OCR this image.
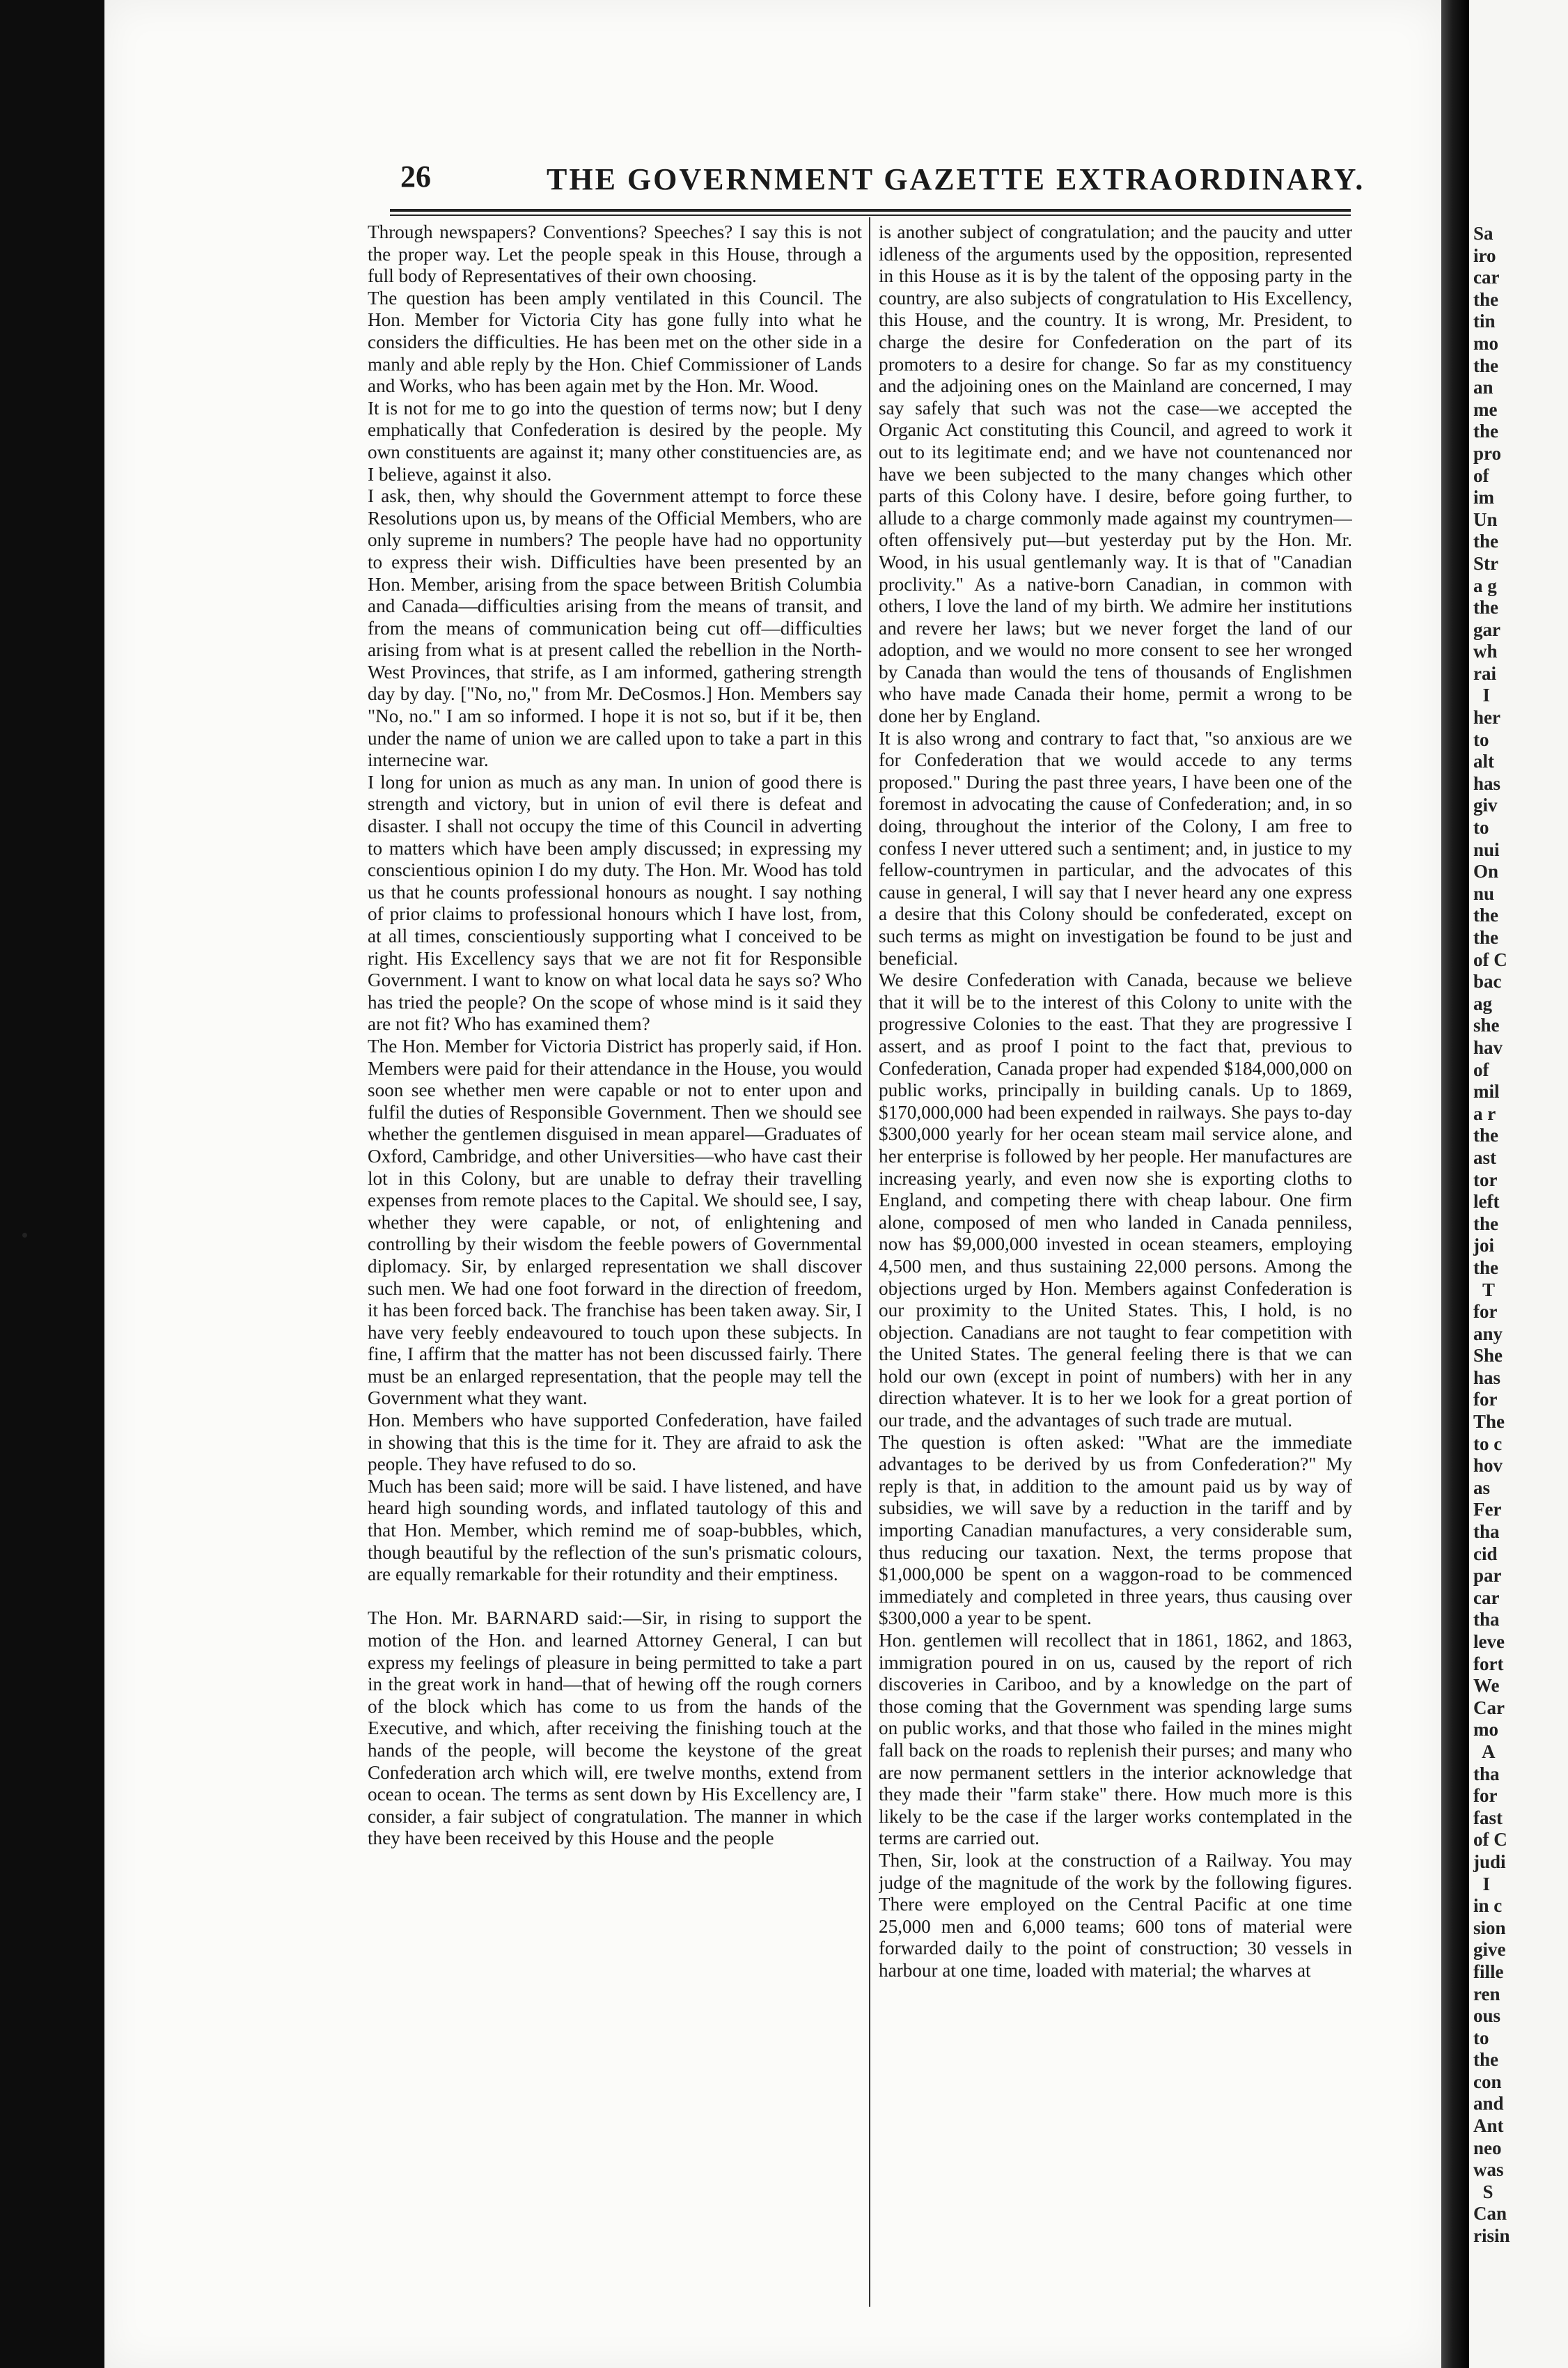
26	THE GOVERNMENT GAZETTE EXTRAORDINARY.
Through newspapers? Conventions? Speeches? I say this is not the proper way. Let the people speak in this House, through a full body of Representatives of their own choosing.
The question has been amply ventilated in this Council. The Hon. Member for Victoria City has gone fully into what he considers the difficulties. He has been met on the other side in a manly and able reply by the Hon. Chief Commissioner of Lands and Works, who has been again met by the Hon. Mr. Wood.
It is not for me to go into the question of terms now; but I deny emphatically that Confederation is desired by the people. My own constituents are against it; many other constituencies are, as I believe, against it also.
I ask, then, why should the Government attempt to force these Resolutions upon us, by means of the Official Members, who are only supreme in numbers? The people have had no opportunity to express their wish. Difficulties have been presented by an Hon. Member, arising from the space between British Columbia and Canada—difficulties arising from the means of transit, and from the means of communication being cut off—difficulties arising from what is at present called the rebellion in the North-West Provinces, that strife, as I am informed, gathering strength day by day. ["No, no," from Mr. DeCosmos.] Hon. Members say "No, no." I am so informed. I hope it is not so, but if it be, then under the name of union we are called upon to take a part in this internecine war.
I long for union as much as any man. In union of good there is strength and victory, but in union of evil there is defeat and disaster. I shall not occupy the time of this Council in adverting to matters which have been amply discussed; in expressing my conscientious opinion I do my duty. The Hon. Mr. Wood has told us that he counts professional honours as nought. I say nothing of prior claims to professional honours which I have lost, from, at all times, conscientiously supporting what I conceived to be right. His Excellency says that we are not fit for Responsible Government. I want to know on what local data he says so? Who has tried the people? On the scope of whose mind is it said they are not fit? Who has examined them?
The Hon. Member for Victoria District has properly said, if Hon. Members were paid for their attendance in the House, you would soon see whether men were capable or not to enter upon and fulfil the duties of Responsible Government. Then we should see whether the gentlemen disguised in mean apparel—Graduates of Oxford, Cambridge, and other Universities—who have cast their lot in this Colony, but are unable to defray their travelling expenses from remote places to the Capital. We should see, I say, whether they were capable, or not, of enlightening and controlling by their wisdom the feeble powers of Governmental diplomacy. Sir, by enlarged representation we shall discover such men. We had one foot forward in the direction of freedom, it has been forced back. The franchise has been taken away. Sir, I have very feebly endeavoured to touch upon these subjects. In fine, I affirm that the matter has not been discussed fairly. There must be an enlarged representation, that the people may tell the Government what they want.
Hon. Members who have supported Confederation, have failed in showing that this is the time for it. They are afraid to ask the people. They have refused to do so.
Much has been said; more will be said. I have listened, and have heard high sounding words, and inflated tautology of this and that Hon. Member, which remind me of soap-bubbles, which, though beautiful by the reflection of the sun's prismatic colours, are equally remarkable for their rotundity and their emptiness.

The Hon. Mr. BARNARD said:—Sir, in rising to support the motion of the Hon. and learned Attorney General, I can but express my feelings of pleasure in being permitted to take a part in the great work in hand—that of hewing off the rough corners of the block which has come to us from the hands of the Executive, and which, after receiving the finishing touch at the hands of the people, will become the keystone of the great Confederation arch which will, ere twelve months, extend from ocean to ocean. The terms as sent down by His Excellency are, I consider, a fair subject of congratulation. The manner in which they have been received by this House and the people
is another subject of congratulation; and the paucity and utter idleness of the arguments used by the opposition, represented in this House as it is by the talent of the opposing party in the country, are also subjects of congratulation to His Excellency, this House, and the country. It is wrong, Mr. President, to charge the desire for Confederation on the part of its promoters to a desire for change. So far as my constituency and the adjoining ones on the Mainland are concerned, I may say safely that such was not the case—we accepted the Organic Act constituting this Council, and agreed to work it out to its legitimate end; and we have not countenanced nor have we been subjected to the many changes which other parts of this Colony have. I desire, before going further, to allude to a charge commonly made against my countrymen—often offensively put—but yesterday put by the Hon. Mr. Wood, in his usual gentlemanly way. It is that of "Canadian proclivity." As a native-born Canadian, in common with others, I love the land of my birth. We admire her institutions and revere her laws; but we never forget the land of our adoption, and we would no more consent to see her wronged by Canada than would the tens of thousands of Englishmen who have made Canada their home, permit a wrong to be done her by England.
It is also wrong and contrary to fact that, "so anxious are we for Confederation that we would accede to any terms proposed." During the past three years, I have been one of the foremost in advocating the cause of Confederation; and, in so doing, throughout the interior of the Colony, I am free to confess I never uttered such a sentiment; and, in justice to my fellow-countrymen in particular, and the advocates of this cause in general, I will say that I never heard any one express a desire that this Colony should be confederated, except on such terms as might on investigation be found to be just and beneficial.
We desire Confederation with Canada, because we believe that it will be to the interest of this Colony to unite with the progressive Colonies to the east. That they are progressive I assert, and as proof I point to the fact that, previous to Confederation, Canada proper had expended $184,000,000 on public works, principally in building canals. Up to 1869, $170,000,000 had been expended in railways. She pays to-day $300,000 yearly for her ocean steam mail service alone, and her enterprise is followed by her people. Her manufactures are increasing yearly, and even now she is exporting cloths to England, and competing there with cheap labour. One firm alone, composed of men who landed in Canada penniless, now has $9,000,000 invested in ocean steamers, employing 4,500 men, and thus sustaining 22,000 persons. Among the objections urged by Hon. Members against Confederation is our proximity to the United States. This, I hold, is no objection. Canadians are not taught to fear competition with the United States. The general feeling there is that we can hold our own (except in point of numbers) with her in any direction whatever. It is to her we look for a great portion of our trade, and the advantages of such trade are mutual.
The question is often asked: "What are the immediate advantages to be derived by us from Confederation?" My reply is that, in addition to the amount paid us by way of subsidies, we will save by a reduction in the tariff and by importing Canadian manufactures, a very considerable sum, thus reducing our taxation. Next, the terms propose that $1,000,000 be spent on a waggon-road to be commenced immediately and completed in three years, thus causing over $300,000 a year to be spent.
Hon. gentlemen will recollect that in 1861, 1862, and 1863, immigration poured in on us, caused by the report of rich discoveries in Cariboo, and by a knowledge on the part of those coming that the Government was spending large sums on public works, and that those who failed in the mines might fall back on the roads to replenish their purses; and many who are now permanent settlers in the interior acknowledge that they made their "farm stake" there. How much more is this likely to be the case if the larger works contemplated in the terms are carried out.
Then, Sir, look at the construction of a Railway. You may judge of the magnitude of the work by the following figures. There were employed on the Central Pacific at one time 25,000 men and 6,000 teams; 600 tons of material were forwarded daily to the point of construction; 30 vessels in harbour at one time, loaded with material; the wharves at
Sa
iro
car
the
tin
mo
the
an
me
the
pro
of
im
Un
the
Str
a g
the
gar
wh
rai
I
her
to
alt
has
giv
to
nui
On
nu
the
the
of C
bac
ag
she
hav
of
mil
a r
the
ast
tor
left
the
joi
the
T
for
any
She
has
for
The
to c
hov
as
Fer
tha
cid
par
car
tha
leve
fort
We
Car
mo
A
tha
for
fast
of C
judi
I
in c
sion
give
fille
ren
ous
to
the
con
and
Ant
neo
was
S
Can
risin
